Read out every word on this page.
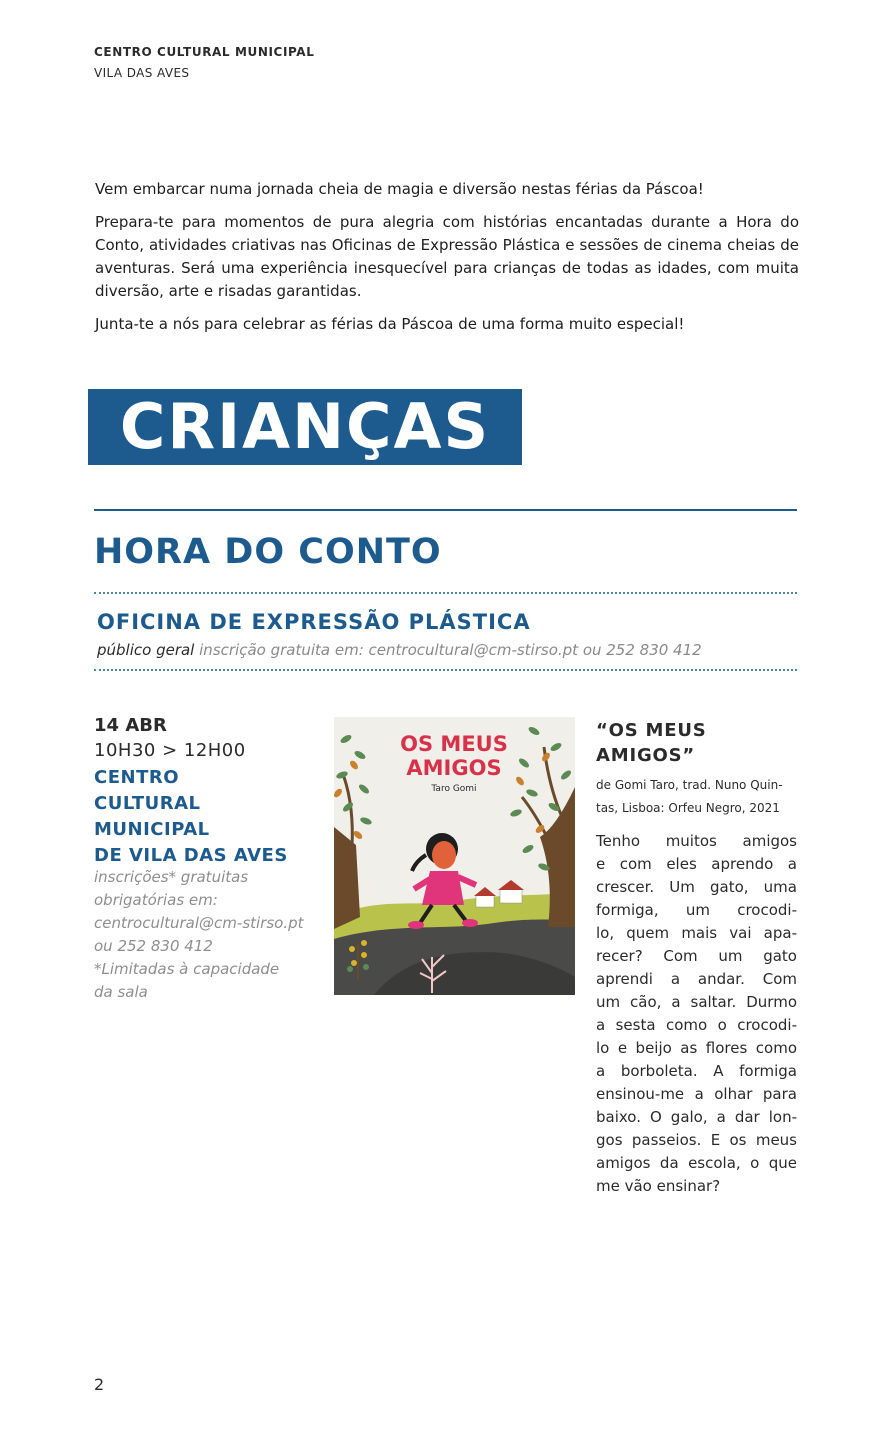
CENTRO CULTURAL MUNICIPAL
VILA DAS AVES

Vem embarcar numa jornada cheia de magia e diversão nestas férias da Páscoa!

Prepara-te para momentos de pura alegria com histórias encantadas durante a Hora do Conto, atividades criativas nas Oficinas de Expressão Plástica e sessões de cinema cheias de aventuras. Será uma experiência inesquecível para crianças de todas as idades, com muita diversão, arte e risadas garantidas.

Junta-te a nós para celebrar as férias da Páscoa de uma forma muito especial!

CRIANÇAS
HORA DO CONTO
OFICINA DE EXPRESSÃO PLÁSTICA
público geral inscrição gratuita em: centrocultural@cm-stirso.pt ou 252 830 412
14 ABR
10H30 > 12H00
CENTRO
CULTURAL
MUNICIPAL
DE VILA DAS AVES
inscrições* gratuitas
obrigatórias em:
centrocultural@cm-stirso.pt
ou 252 830 412
*Limitadas à capacidade
da sala
OS MEUS
AMIGOS
Taro Gomi
“OS MEUS AMIGOS”
de Gomi Taro, trad. Nuno Quin-
tas, Lisboa: Orfeu Negro, 2021
Tenho muitos amigos
e com eles aprendo a
crescer. Um gato, uma
formiga, um crocodi-
lo, quem mais vai apa-
recer? Com um gato
aprendi a andar. Com
um cão, a saltar. Durmo
a sesta como o crocodi-
lo e beijo as flores como
a borboleta. A formiga
ensinou-me a olhar para
baixo. O galo, a dar lon-
gos passeios. E os meus
amigos da escola, o que
me vão ensinar?
2
